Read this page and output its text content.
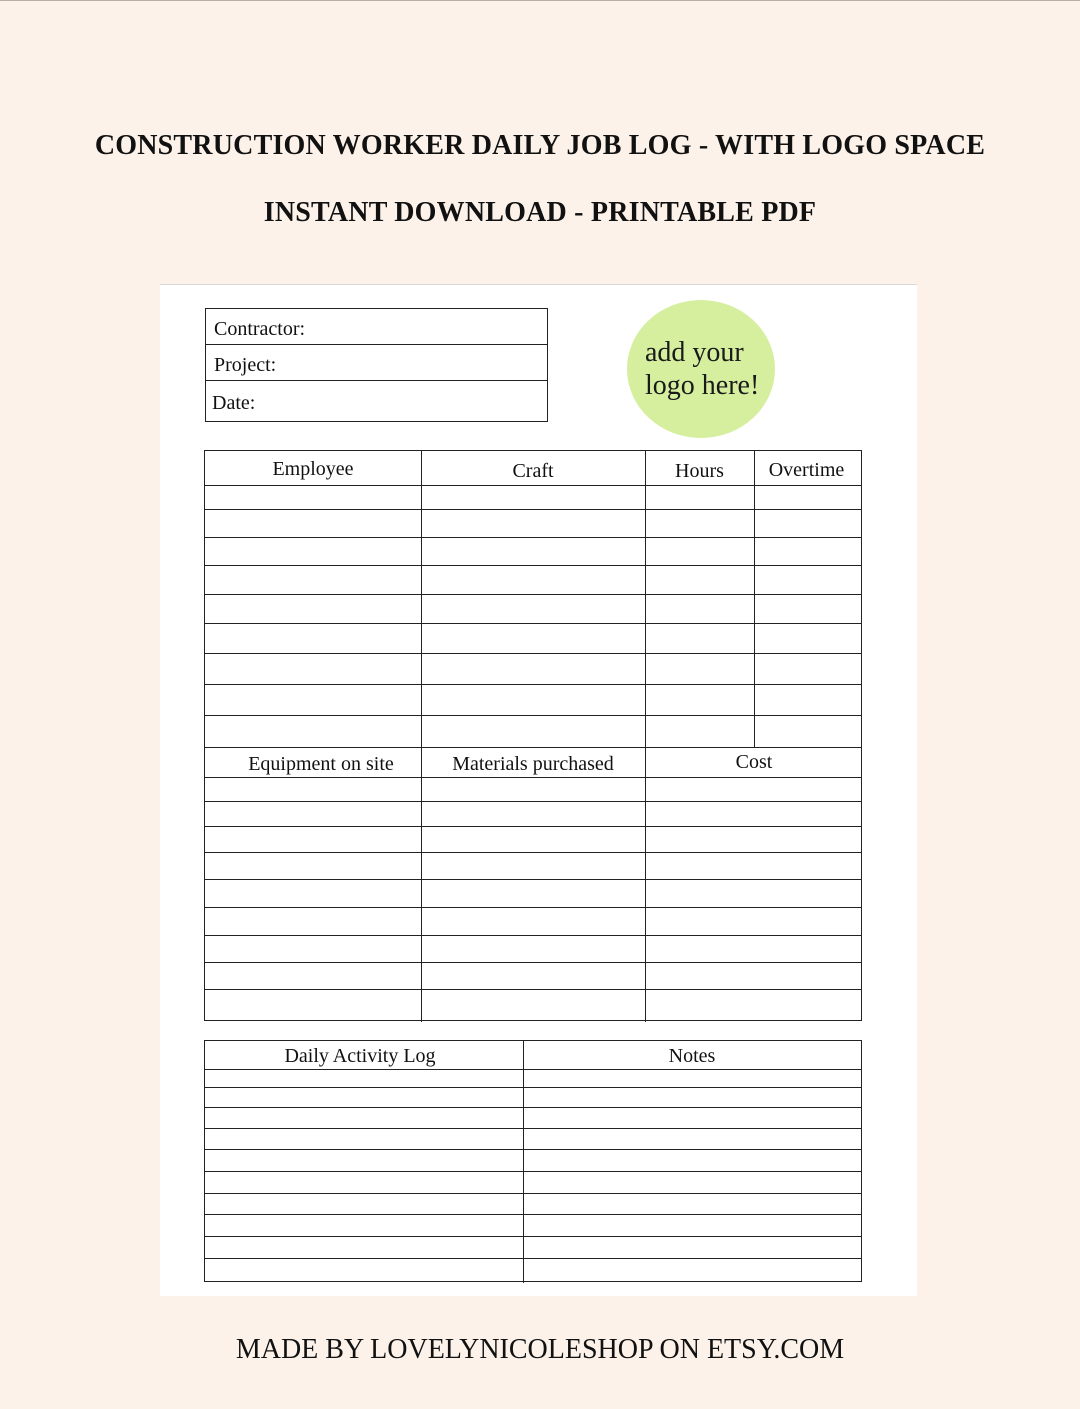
CONSTRUCTION WORKER DAILY JOB LOG - WITH LOGO SPACE
INSTANT DOWNLOAD - PRINTABLE PDF
Contractor:
Project:
Date:
add your
logo here!
Employee	Craft	Hours	Overtime
Equipment on site	Materials purchased	Cost
Daily Activity Log	Notes
MADE BY LOVELYNICOLESHOP ON ETSY.COM
